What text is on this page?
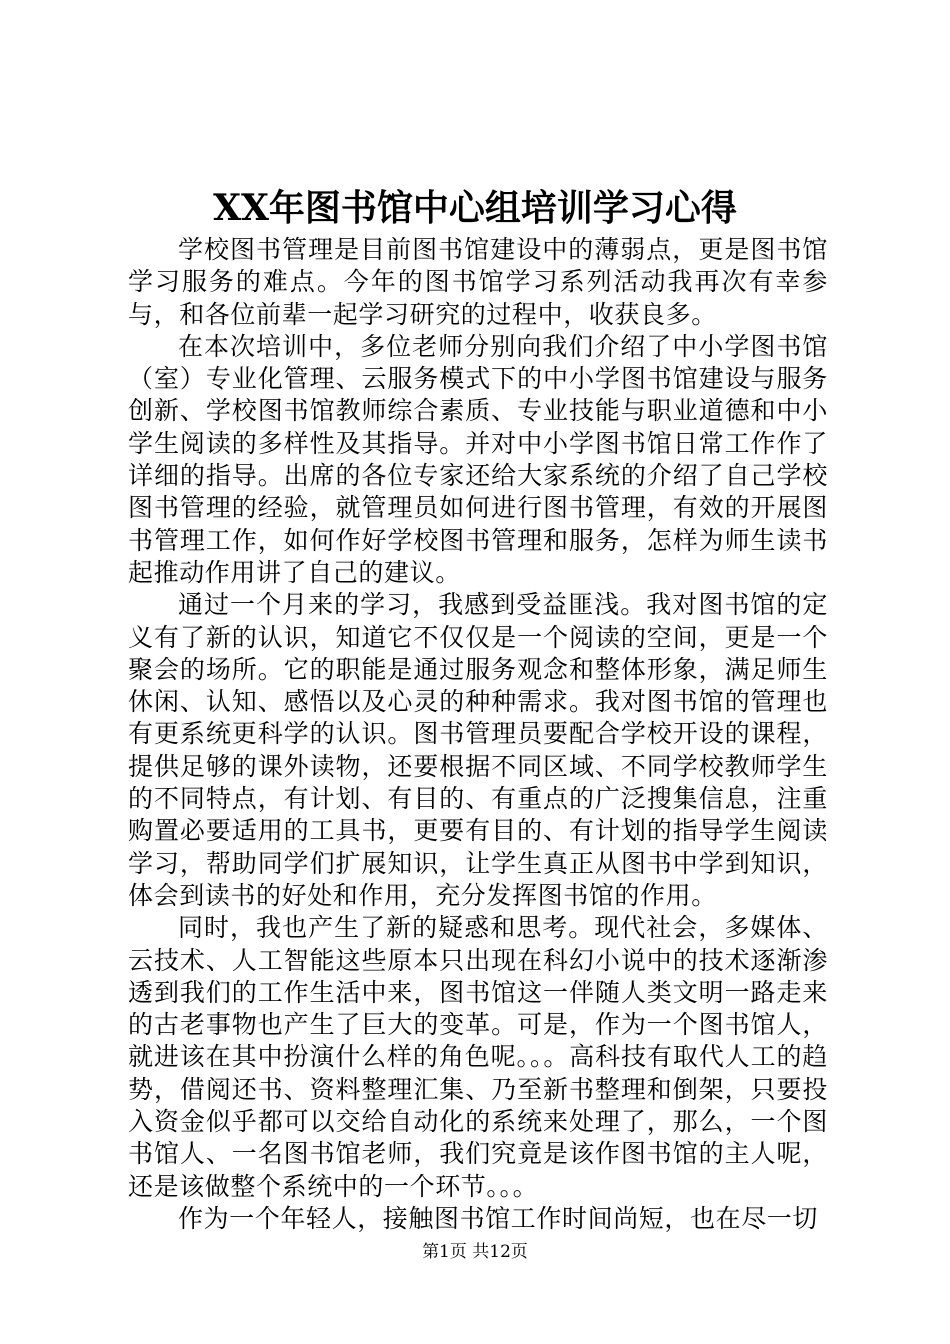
XX年图书馆中心组培训学习心得

学校图书管理是目前图书馆建设中的薄弱点，更是图书馆学习服务的难点。今年的图书馆学习系列活动我再次有幸参与，和各位前辈一起学习研究的过程中，收获良多。

在本次培训中，多位老师分别向我们介绍了中小学图书馆（室）专业化管理、云服务模式下的中小学图书馆建设与服务创新、学校图书馆教师综合素质、专业技能与职业道德和中小学生阅读的多样性及其指导。并对中小学图书馆日常工作作了详细的指导。出席的各位专家还给大家系统的介绍了自己学校图书管理的经验，就管理员如何进行图书管理，有效的开展图书管理工作，如何作好学校图书管理和服务，怎样为师生读书起推动作用讲了自己的建议。

通过一个月来的学习，我感到受益匪浅。我对图书馆的定义有了新的认识，知道它不仅仅是一个阅读的空间，更是一个聚会的场所。它的职能是通过服务观念和整体形象，满足师生休闲、认知、感悟以及心灵的种种需求。我对图书馆的管理也有更系统更科学的认识。图书管理员要配合学校开设的课程，提供足够的课外读物，还要根据不同区域、不同学校教师学生的不同特点，有计划、有目的、有重点的广泛搜集信息，注重购置必要适用的工具书，更要有目的、有计划的指导学生阅读学习，帮助同学们扩展知识，让学生真正从图书中学到知识，体会到读书的好处和作用，充分发挥图书馆的作用。

同时，我也产生了新的疑惑和思考。现代社会，多媒体、云技术、人工智能这些原本只出现在科幻小说中的技术逐渐渗透到我们的工作生活中来，图书馆这一伴随人类文明一路走来的古老事物也产生了巨大的变革。可是，作为一个图书馆人，就进该在其中扮演什么样的角色呢。。。高科技有取代人工的趋势，借阅还书、资料整理汇集、乃至新书整理和倒架，只要投入资金似乎都可以交给自动化的系统来处理了，那么，一个图书馆人、一名图书馆老师，我们究竟是该作图书馆的主人呢，还是该做整个系统中的一个环节。。。

作为一个年轻人，接触图书馆工作时间尚短，也在尽一切

第1页 共12页
